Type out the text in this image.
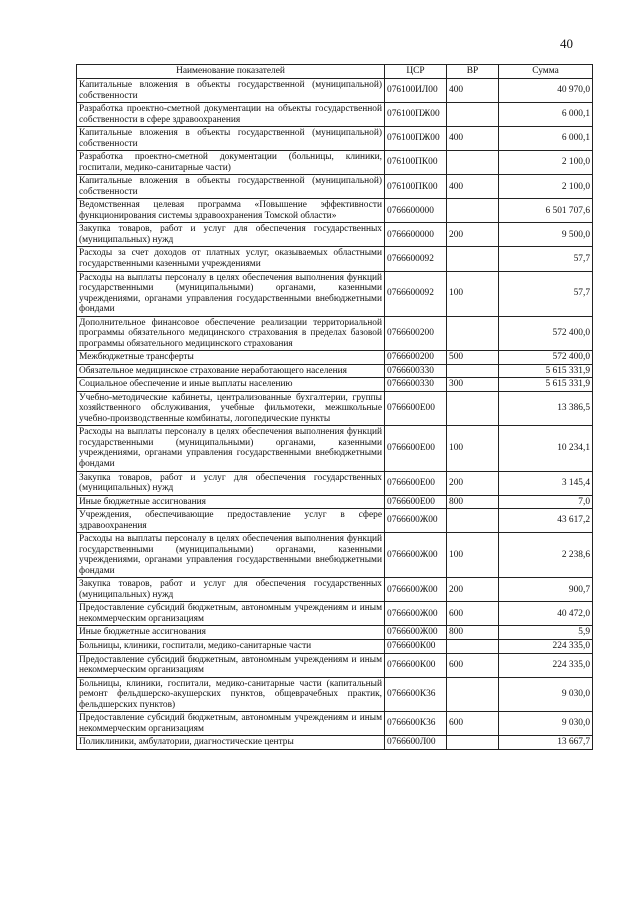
40
Наименование показателей	ЦСР	ВР	Сумма
Капитальные вложения в объекты государственной (муниципальной) собственности	076100ИЛ00	400	40 970,0
Разработка проектно-сметной документации на объекты государственной собственности в сфере здравоохранения	076100ПЖ00		6 000,1
Капитальные вложения в объекты государственной (муниципальной) собственности	076100ПЖ00	400	6 000,1
Разработка проектно-сметной документации (больницы, клиники, госпитали, медико-санитарные части)	076100ПК00		2 100,0
Капитальные вложения в объекты государственной (муниципальной) собственности	076100ПК00	400	2 100,0
Ведомственная целевая программа «Повышение эффективности функционирования системы здравоохранения Томской области»	0766600000		6 501 707,6
Закупка товаров, работ и услуг для обеспечения государственных (муниципальных) нужд	0766600000	200	9 500,0
Расходы за счет доходов от платных услуг, оказываемых областными государственными казенными учреждениями	0766600092		57,7
Расходы на выплаты персоналу в целях обеспечения выполнения функций государственными (муниципальными) органами, казенными учреждениями, органами управления государственными внебюджетными фондами	0766600092	100	57,7
Дополнительное финансовое обеспечение реализации территориальной программы обязательного медицинского страхования в пределах базовой программы обязательного медицинского страхования	0766600200		572 400,0
Межбюджетные трансферты	0766600200	500	572 400,0
Обязательное медицинское страхование неработающего населения	0766600330		5 615 331,9
Социальное обеспечение и иные выплаты населению	0766600330	300	5 615 331,9
Учебно-методические кабинеты, централизованные бухгалтерии, группы хозяйственного обслуживания, учебные фильмотеки, межшкольные учебно-производственные комбинаты, логопедические пункты	0766600Е00		13 386,5
Расходы на выплаты персоналу в целях обеспечения выполнения функций государственными (муниципальными) органами, казенными учреждениями, органами управления государственными внебюджетными фондами	0766600Е00	100	10 234,1
Закупка товаров, работ и услуг для обеспечения государственных (муниципальных) нужд	0766600Е00	200	3 145,4
Иные бюджетные ассигнования	0766600Е00	800	7,0
Учреждения, обеспечивающие предоставление услуг в сфере здравоохранения	0766600Ж00		43 617,2
Расходы на выплаты персоналу в целях обеспечения выполнения функций государственными (муниципальными) органами, казенными учреждениями, органами управления государственными внебюджетными фондами	0766600Ж00	100	2 238,6
Закупка товаров, работ и услуг для обеспечения государственных (муниципальных) нужд	0766600Ж00	200	900,7
Предоставление субсидий бюджетным, автономным учреждениям и иным некоммерческим организациям	0766600Ж00	600	40 472,0
Иные бюджетные ассигнования	0766600Ж00	800	5,9
Больницы, клиники, госпитали, медико-санитарные части	0766600К00		224 335,0
Предоставление субсидий бюджетным, автономным учреждениям и иным некоммерческим организациям	0766600К00	600	224 335,0
Больницы, клиники, госпитали, медико-санитарные части (капитальный ремонт фельдшерско-акушерских пунктов, общеврачебных практик, фельдшерских пунктов)	0766600К36		9 030,0
Предоставление субсидий бюджетным, автономным учреждениям и иным некоммерческим организациям	0766600К36	600	9 030,0
Поликлиники, амбулатории, диагностические центры	0766600Л00		13 667,7
